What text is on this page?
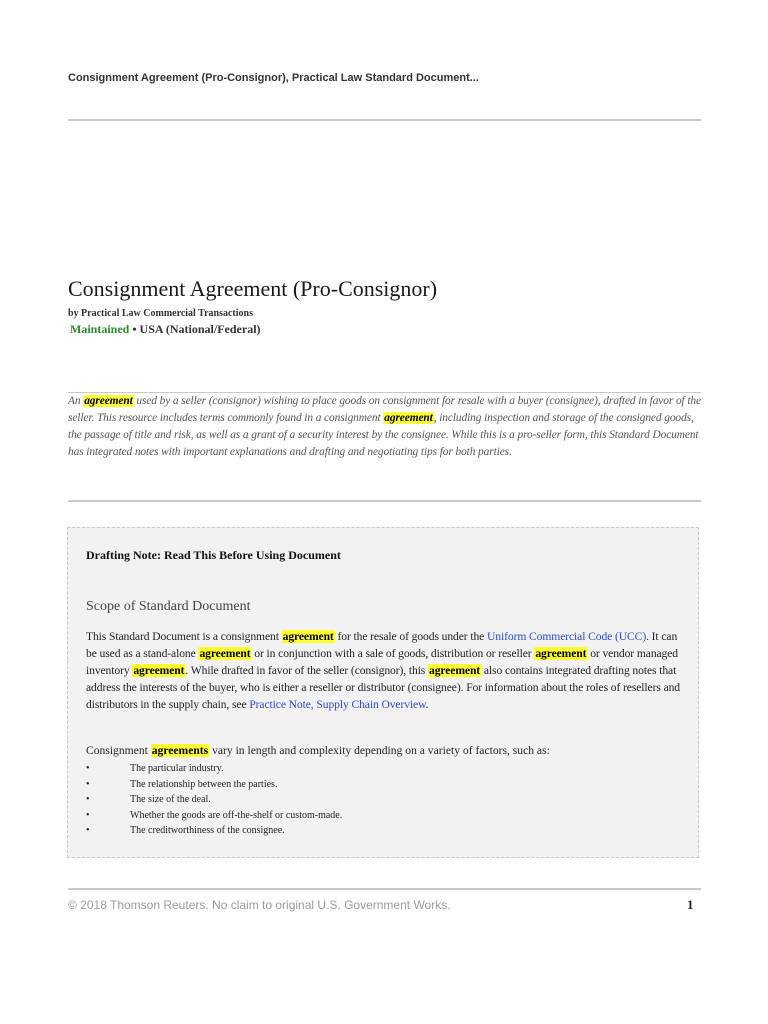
Consignment Agreement (Pro-Consignor), Practical Law Standard Document...
Consignment Agreement (Pro-Consignor)
by Practical Law Commercial Transactions
Maintained • USA (National/Federal)
An agreement used by a seller (consignor) wishing to place goods on consignment for resale with a buyer (consignee), drafted in favor of the seller. This resource includes terms commonly found in a consignment agreement, including inspection and storage of the consigned goods, the passage of title and risk, as well as a grant of a security interest by the consignee. While this is a pro-seller form, this Standard Document has integrated notes with important explanations and drafting and negotiating tips for both parties.
Drafting Note: Read This Before Using Document
Scope of Standard Document
This Standard Document is a consignment agreement for the resale of goods under the Uniform Commercial Code (UCC). It can be used as a stand-alone agreement or in conjunction with a sale of goods, distribution or reseller agreement or vendor managed inventory agreement. While drafted in favor of the seller (consignor), this agreement also contains integrated drafting notes that address the interests of the buyer, who is either a reseller or distributor (consignee). For information about the roles of resellers and distributors in the supply chain, see Practice Note, Supply Chain Overview.
Consignment agreements vary in length and complexity depending on a variety of factors, such as:
•	The particular industry.
•	The relationship between the parties.
•	The size of the deal.
•	Whether the goods are off-the-shelf or custom-made.
•	The creditworthiness of the consignee.
© 2018 Thomson Reuters. No claim to original U.S. Government Works.	1
